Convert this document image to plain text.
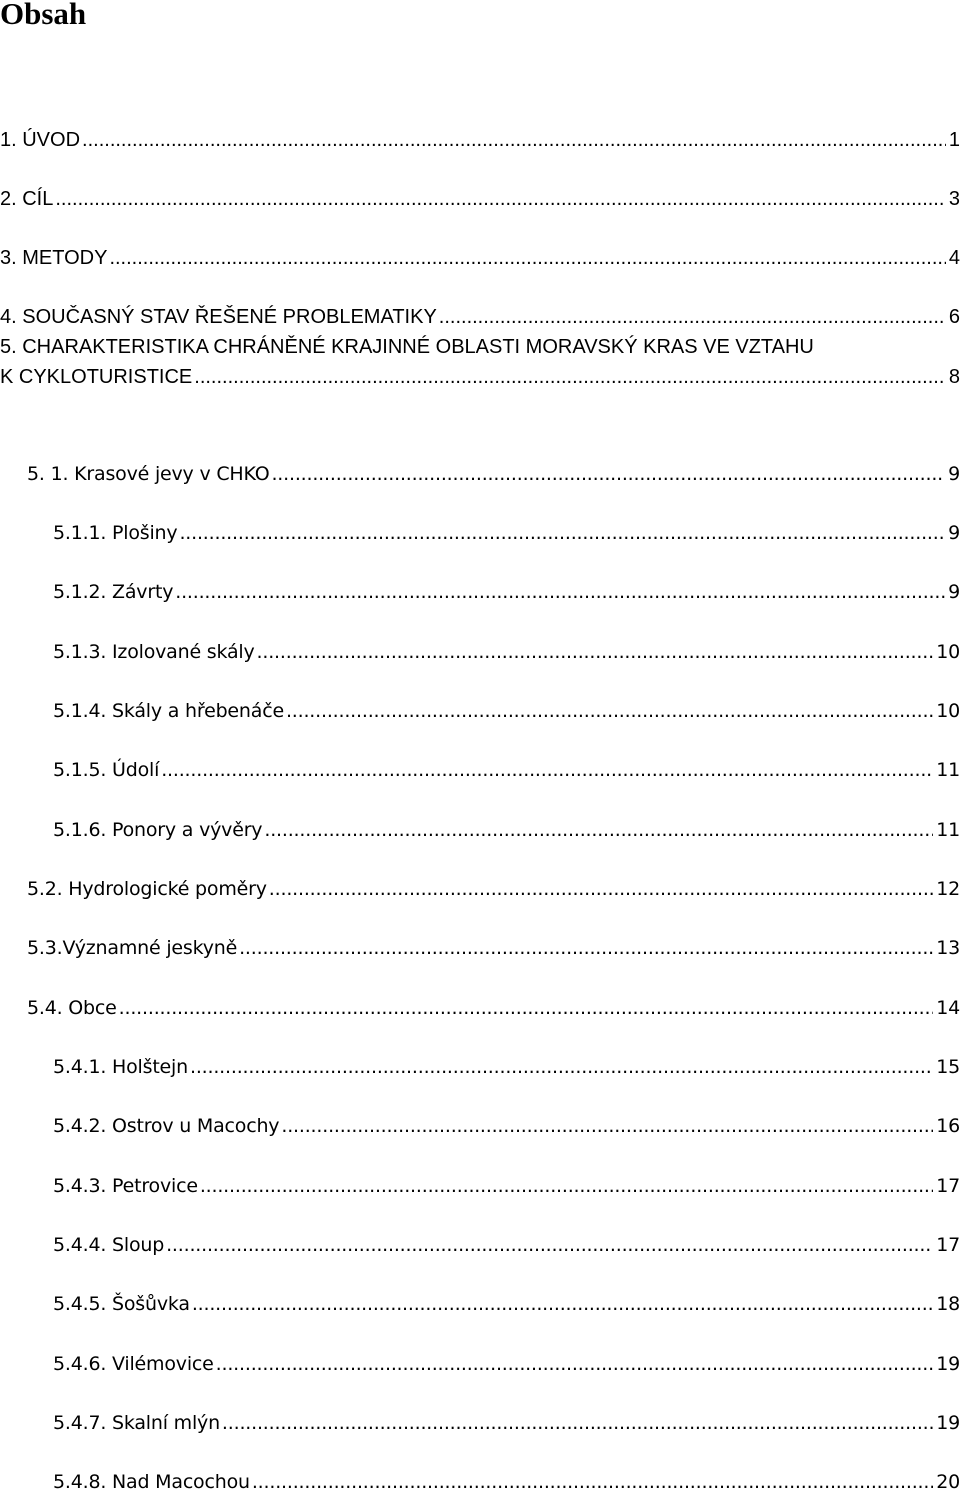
Obsah
1. ÚVOD .....	1
2. CÍL .....	3
3. METODY .....	4
4. SOUČASNÝ STAV ŘEŠENÉ PROBLEMATIKY .....	6
5. CHARAKTERISTIKA CHRÁNĚNÉ KRAJINNÉ OBLASTI MORAVSKÝ KRAS VE VZTAHU
K CYKLOTURISTICE .....	8
5. 1. Krasové jevy v CHKO .....	9
5.1.1. Plošiny .....	9
5.1.2. Závrty .....	9
5.1.3. Izolované skály .....	10
5.1.4. Skály a hřebenáče .....	10
5.1.5. Údolí .....	11
5.1.6. Ponory a vývěry .....	11
5.2. Hydrologické poměry .....	12
5.3.Významné jeskyně .....	13
5.4. Obce .....	14
5.4.1. Holštejn .....	15
5.4.2. Ostrov u Macochy .....	16
5.4.3. Petrovice .....	17
5.4.4. Sloup .....	17
5.4.5. Šošůvka .....	18
5.4.6. Vilémovice .....	19
5.4.7. Skalní mlýn .....	19
5.4.8. Nad Macochou .....	20
